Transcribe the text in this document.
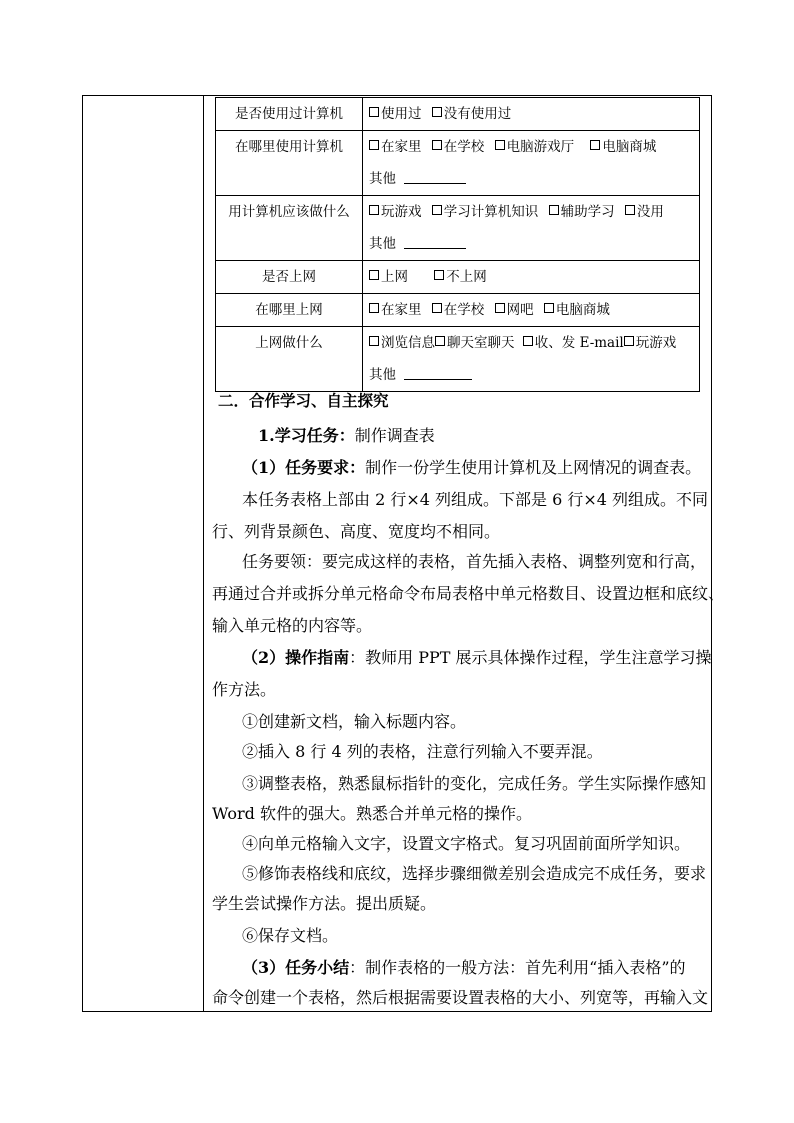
是否使用过计算机	使用过 没有使用过
在哪里使用计算机	在家里 在学校 电脑游戏厅 电脑商城
其他

用计算机应该做什么	玩游戏 学习计算机知识 辅助学习 没用
其他

是否上网	上网 不上网
在哪里上网	在家里 在学校 网吧 电脑商城
上网做什么	浏览信息 聊天室聊天 收、发 E-mail 玩游戏
其他
二．合作学习、自主探究
1.学习任务：制作调查表
（1）任务要求：制作一份学生使用计算机及上网情况的调查表。
本任务表格上部由 2 行×4 列组成。下部是 6 行×4 列组成。不同
行、列背景颜色、高度、宽度均不相同。
任务要领：要完成这样的表格，首先插入表格、调整列宽和行高，
再通过合并或拆分单元格命令布局表格中单元格数目、设置边框和底纹、
输入单元格的内容等。
（2）操作指南：教师用 PPT 展示具体操作过程，学生注意学习操
作方法。
①创建新文档，输入标题内容。
②插入 8 行 4 列的表格，注意行列输入不要弄混。
③调整表格，熟悉鼠标指针的变化，完成任务。学生实际操作感知
Word 软件的强大。熟悉合并单元格的操作。
④向单元格输入文字，设置文字格式。复习巩固前面所学知识。
⑤修饰表格线和底纹，选择步骤细微差别会造成完不成任务，要求
学生尝试操作方法。提出质疑。
⑥保存文档。
（3）任务小结：制作表格的一般方法：首先利用“插入表格”的
命令创建一个表格，然后根据需要设置表格的大小、列宽等，再输入文
